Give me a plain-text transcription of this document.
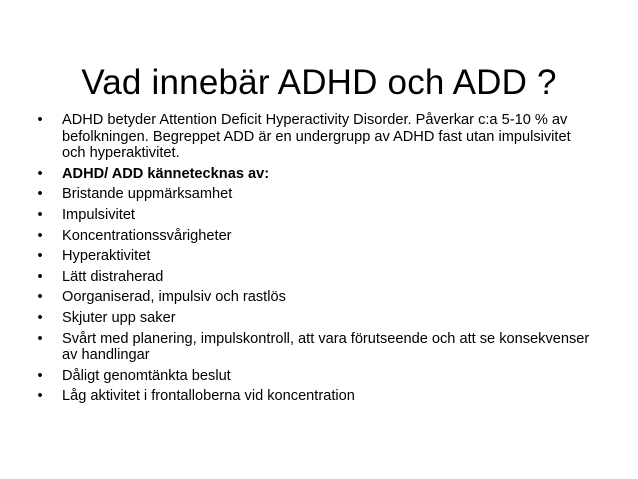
Vad innebär ADHD och ADD ?
• ADHD betyder Attention Deficit Hyperactivity Disorder. Påverkar c:a 5-10 % av befolkningen. Begreppet ADD är en undergrupp av ADHD fast utan impulsivitet och hyperaktivitet.
• ADHD/ ADD kännetecknas av:
• Bristande uppmärksamhet
• Impulsivitet
• Koncentrationssvårigheter
• Hyperaktivitet
• Lätt distraherad
• Oorganiserad, impulsiv och rastlös
• Skjuter upp saker
• Svårt med planering, impulskontroll, att vara förutseende och att se konsekvenser av handlingar
• Dåligt genomtänkta beslut
• Låg aktivitet i frontalloberna vid koncentration
